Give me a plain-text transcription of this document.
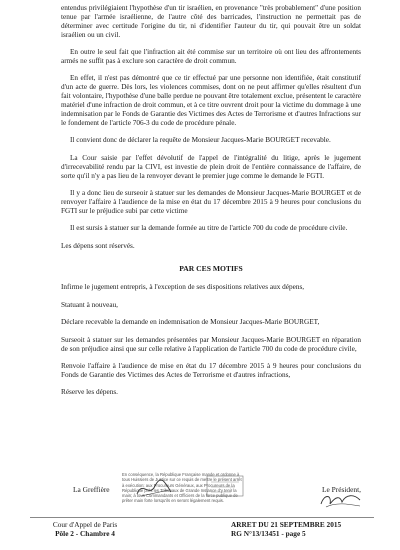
entendus privilégiaient l'hypothèse d'un tir israélien, en provenance "très probablement" d'une position tenue par l'armée israélienne, de l'autre côté des barricades, l'instruction ne permettait pas de déterminer avec certitude l'origine du tir, ni d'identifier l'auteur du tir, qui pouvait être un soldat israélien ou un civil.

En outre le seul fait que l'infraction ait été commise sur un territoire où ont lieu des affrontements armés ne suffit pas à exclure son caractère de droit commun.

En effet, il n'est pas démontré que ce tir effectué par une personne non identifiée, était constitutif d'un acte de guerre. Dès lors, les violences commises, dont on ne peut affirmer qu'elles résultent d'un fait volontaire, l'hypothèse d'une balle perdue ne pouvant être totalement exclue, présentent le caractère matériel d'une infraction de droit commun, et à ce titre ouvrent droit pour la victime du dommage à une indemnisation par le Fonds de Garantie des Victimes des Actes de Terrorisme et d'autres Infractions sur le fondement de l'article 706-3 du code de procédure pénale.

Il convient donc de déclarer la requête de Monsieur Jacques-Marie BOURGET recevable.

La Cour saisie par l'effet dévolutif de l'appel de l'intégralité du litige, après le jugement d'irrecevabilité rendu par la CIVI, est investie de plein droit de l'entière connaissance de l'affaire, de sorte qu'il n'y a pas lieu de la renvoyer devant le premier juge comme le demande le FGTI.

Il y a donc lieu de surseoir à statuer sur les demandes de Monsieur Jacques-Marie BOURGET et de renvoyer l'affaire à l'audience de la mise en état du 17 décembre 2015 à 9 heures pour conclusions du FGTI sur le préjudice subi par cette victime

Il est sursis à statuer sur la demande formée au titre de l'article 700 du code de procédure civile.

Les dépens sont réservés.

PAR CES MOTIFS

Infirme le jugement entrepris, à l'exception de ses dispositions relatives aux dépens,

Statuant à nouveau,

Déclare recevable la demande en indemnisation de Monsieur Jacques-Marie BOURGET,

Surseoit à statuer sur les demandes présentées par Monsieur Jacques-Marie BOURGET en réparation de son préjudice ainsi que sur celle relative à l'application de l'article 700 du code de procédure civile,

Renvoie l'affaire à l'audience de mise en état du 17 décembre 2015 à 9 heures pour conclusions du Fonds de Garantie des Victimes des Actes de Terrorisme et d'autres infractions,

Réserve les dépens.

En conséquence, la République Française mande et ordonne à tous Huissiers de Justice sur ce requis de mettre le présent arrêt à exécution; aux Procureurs Généraux, aux Procureurs de la République près les Tribunaux de Grande Instance d'y tenir la main; à tous Commandants et Officiers de la force publique de prêter main forte lorsqu'ils en seront légalement requis.
La Greffière	Le Président,
Cour d'Appel de Paris
Pôle 2 - Chambre 4
ARRET DU 21 SEPTEMBRE 2015
RG N°13/13451 - page 5
